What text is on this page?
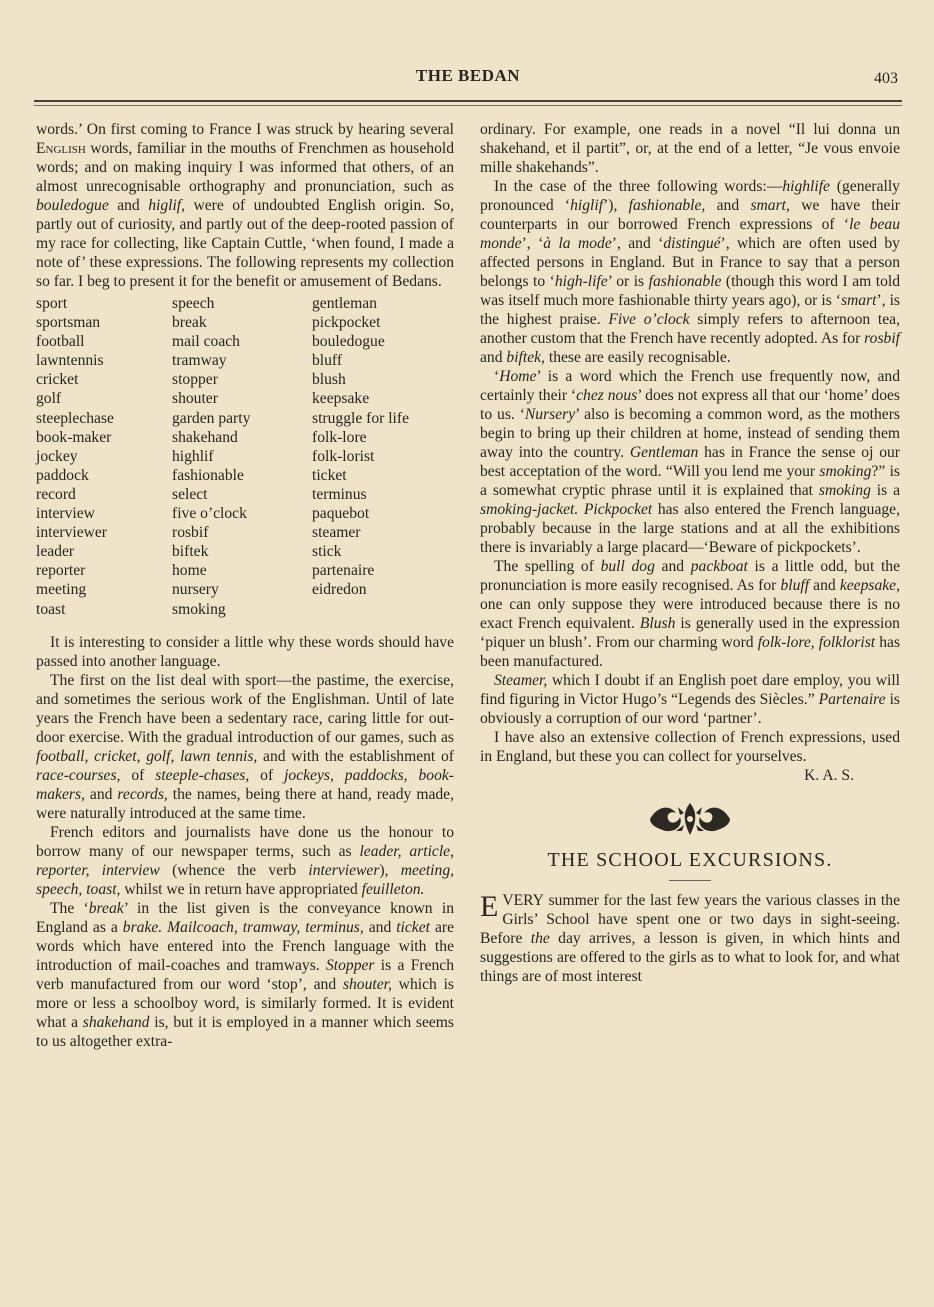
THE BEDAN	403

words.’ On first coming to France I was struck by hearing several English words, familiar in the mouths of Frenchmen as household words; and on making inquiry I was informed that others, of an almost unrecognisable orthography and pronunciation, such as bouledogue and higlif, were of undoubted English origin. So, partly out of curiosity, and partly out of the deep-rooted passion of my race for collecting, like Captain Cuttle, ‘when found, I made a note of’ these expressions. The following represents my collection so far. I beg to present it for the benefit or amusement of Bedans.

sport	speech	gentleman
sportsman	break	pickpocket
football	mail coach	bouledogue
lawntennis	tramway	bluff
cricket	stopper	blush
golf	shouter	keepsake
steeplechase	garden party	struggle for life
book-maker	shakehand	folk-lore
jockey	highlif	folk-lorist
paddock	fashionable	ticket
record	select	terminus
interview	five o’clock	paquebot
interviewer	rosbif	steamer
leader	biftek	stick
reporter	home	partenaire
meeting	nursery	eidredon
toast	smoking	

It is interesting to consider a little why these words should have passed into another language.

The first on the list deal with sport—the pastime, the exercise, and sometimes the serious work of the Englishman. Until of late years the French have been a sedentary race, caring little for out-door exercise. With the gradual introduction of our games, such as football, cricket, golf, lawn tennis, and with the establishment of race-courses, of steeple-chases, of jockeys, paddocks, book-makers, and records, the names, being there at hand, ready made, were naturally introduced at the same time.

French editors and journalists have done us the honour to borrow many of our newspaper terms, such as leader, article, reporter, interview (whence the verb interviewer), meeting, speech, toast, whilst we in return have appropriated feuilleton.

The ‘break’ in the list given is the conveyance known in England as a brake. Mailcoach, tramway, terminus, and ticket are words which have entered into the French language with the introduction of mail-coaches and tramways. Stopper is a French verb manufactured from our word ‘stop’, and shouter, which is more or less a schoolboy word, is similarly formed. It is evident what a shakehand is, but it is employed in a manner which seems to us altogether extra-

ordinary. For example, one reads in a novel “Il lui donna un shakehand, et il partit”, or, at the end of a letter, “Je vous envoie mille shakehands”.

In the case of the three following words:—highlife (generally pronounced ‘higlif’), fashionable, and smart, we have their counterparts in our borrowed French expressions of ‘le beau monde’, ‘à la mode’, and ‘distingué’, which are often used by affected persons in England. But in France to say that a person belongs to ‘high-life’ or is fashionable (though this word I am told was itself much more fashionable thirty years ago), or is ‘smart’, is the highest praise. Five o’clock simply refers to afternoon tea, another custom that the French have recently adopted. As for rosbif and biftek, these are easily recognisable.

‘Home’ is a word which the French use frequently now, and certainly their ‘chez nous’ does not express all that our ‘home’ does to us. ‘Nursery’ also is becoming a common word, as the mothers begin to bring up their children at home, instead of sending them away into the country. Gentleman has in France the sense oj our best acceptation of the word. “Will you lend me your smoking?” is a somewhat cryptic phrase until it is explained that smoking is a smoking-jacket. Pickpocket has also entered the French language, probably because in the large stations and at all the exhibitions there is invariably a large placard—‘Beware of pickpockets’.

The spelling of bull dog and packboat is a little odd, but the pronunciation is more easily recognised. As for bluff and keepsake, one can only suppose they were introduced because there is no exact French equivalent. Blush is generally used in the expression ‘piquer un blush’. From our charming word folk-lore, folklorist has been manufactured.

Steamer, which I doubt if an English poet dare employ, you will find figuring in Victor Hugo’s “Legends des Siècles.” Partenaire is obviously a corruption of our word ‘partner’.

I have also an extensive collection of French expressions, used in England, but these you can collect for yourselves.

K. A. S.

THE SCHOOL EXCURSIONS.

EVERY summer for the last few years the various classes in the Girls’ School have spent one or two days in sight-seeing. Before the day arrives, a lesson is given, in which hints and suggestions are offered to the girls as to what to look for, and what things are of most interest
